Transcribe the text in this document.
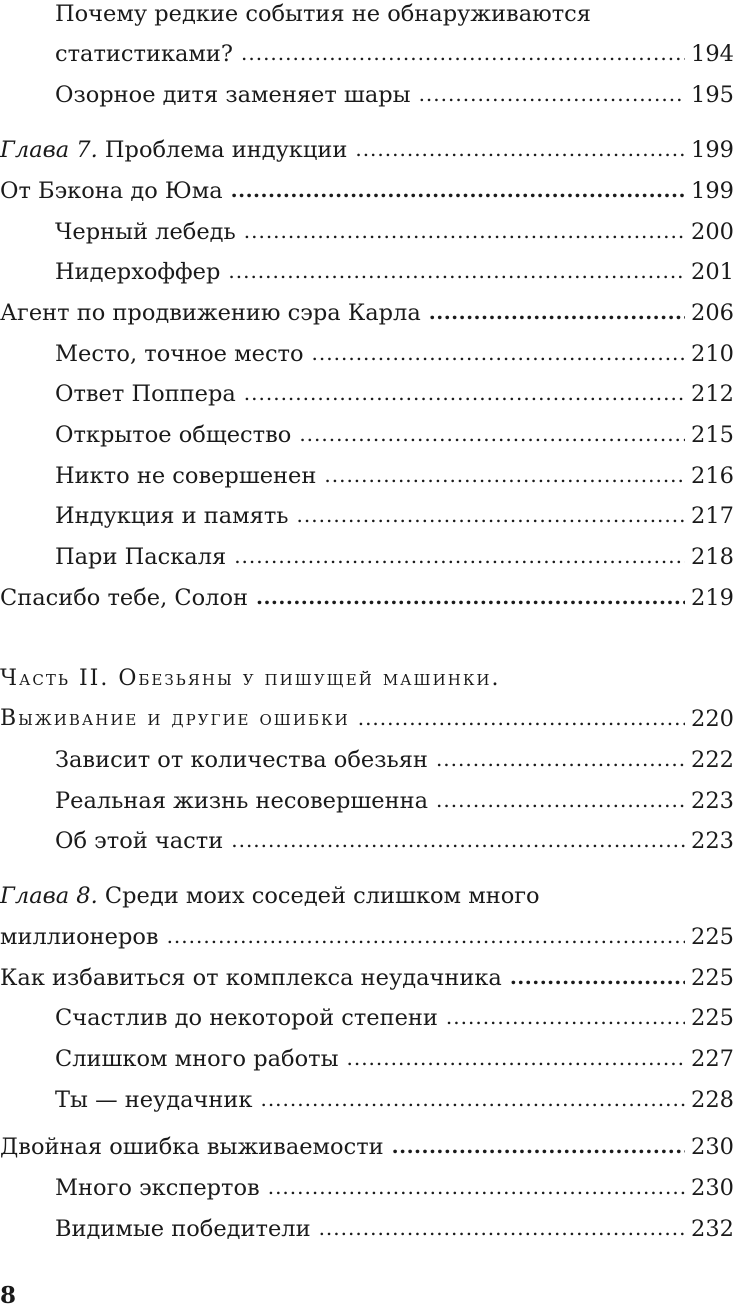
Почему редкие события не обнаруживаются
статистиками? .....	194
Озорное дитя заменяет шары .....	195
Глава 7. Проблема индукции .....	199
От Бэкона до Юма .....	199
Черный лебедь .....	200
Нидерхоффер .....	201
Агент по продвижению сэра Карла .....	206
Место, точное место .....	210
Ответ Поппера .....	212
Открытое общество .....	215
Никто не совершенен .....	216
Индукция и память .....	217
Пари Паскаля .....	218
Спасибо тебе, Солон .....	219
Часть II. Обезьяны у пишущей машинки.
Выживание и другие ошибки .....	220
Зависит от количества обезьян .....	222
Реальная жизнь несовершенна .....	223
Об этой части .....	223
Глава 8. Среди моих соседей слишком много
миллионеров .....	225
Как избавиться от комплекса неудачника .....	225
Счастлив до некоторой степени .....	225
Слишком много работы .....	227
Ты — неудачник .....	228
Двойная ошибка выживаемости .....	230
Много экспертов .....	230
Видимые победители .....	232
8
